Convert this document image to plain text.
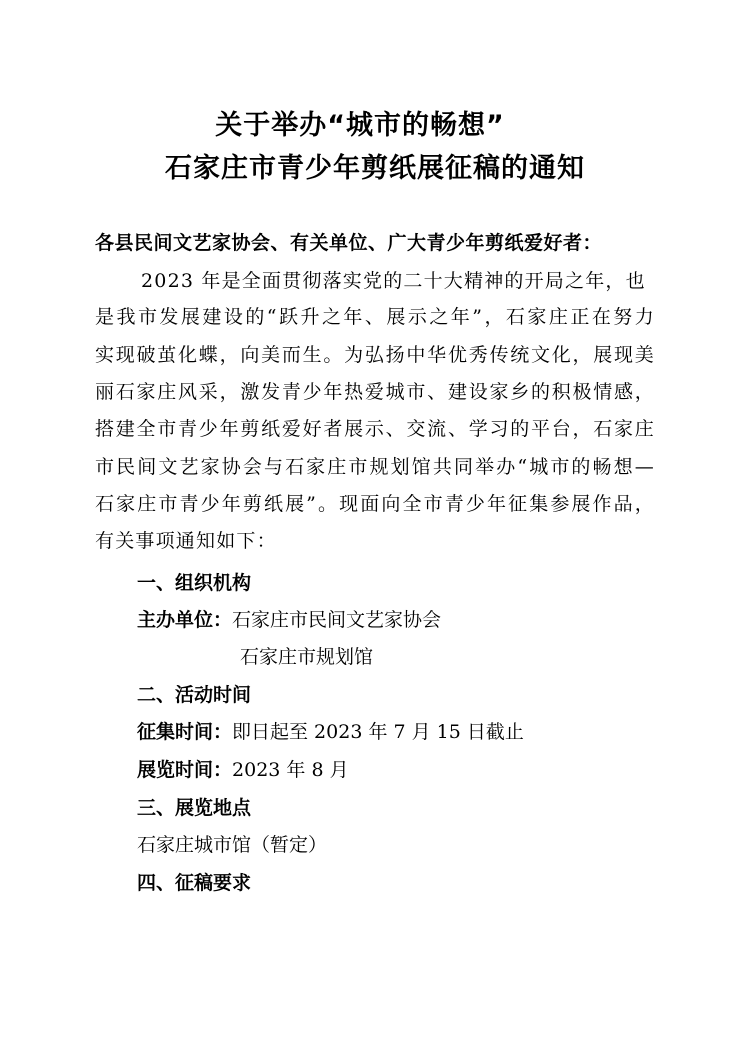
关于举办“城市的畅想”
石家庄市青少年剪纸展征稿的通知
各县民间文艺家协会、有关单位、广大青少年剪纸爱好者：
2023 年是全面贯彻落实党的二十大精神的开局之年，也
是我市发展建设的“跃升之年、展示之年”，石家庄正在努力
实现破茧化蝶，向美而生。为弘扬中华优秀传统文化，展现美
丽石家庄风采，激发青少年热爱城市、建设家乡的积极情感，
搭建全市青少年剪纸爱好者展示、交流、学习的平台，石家庄
市民间文艺家协会与石家庄市规划馆共同举办“城市的畅想—
石家庄市青少年剪纸展”。现面向全市青少年征集参展作品，
有关事项通知如下：
一、组织机构
主办单位：石家庄市民间文艺家协会
石家庄市规划馆
二、活动时间
征集时间：即日起至 2023 年 7 月 15 日截止
展览时间：2023 年 8 月
三、展览地点
石家庄城市馆（暂定）
四、征稿要求
